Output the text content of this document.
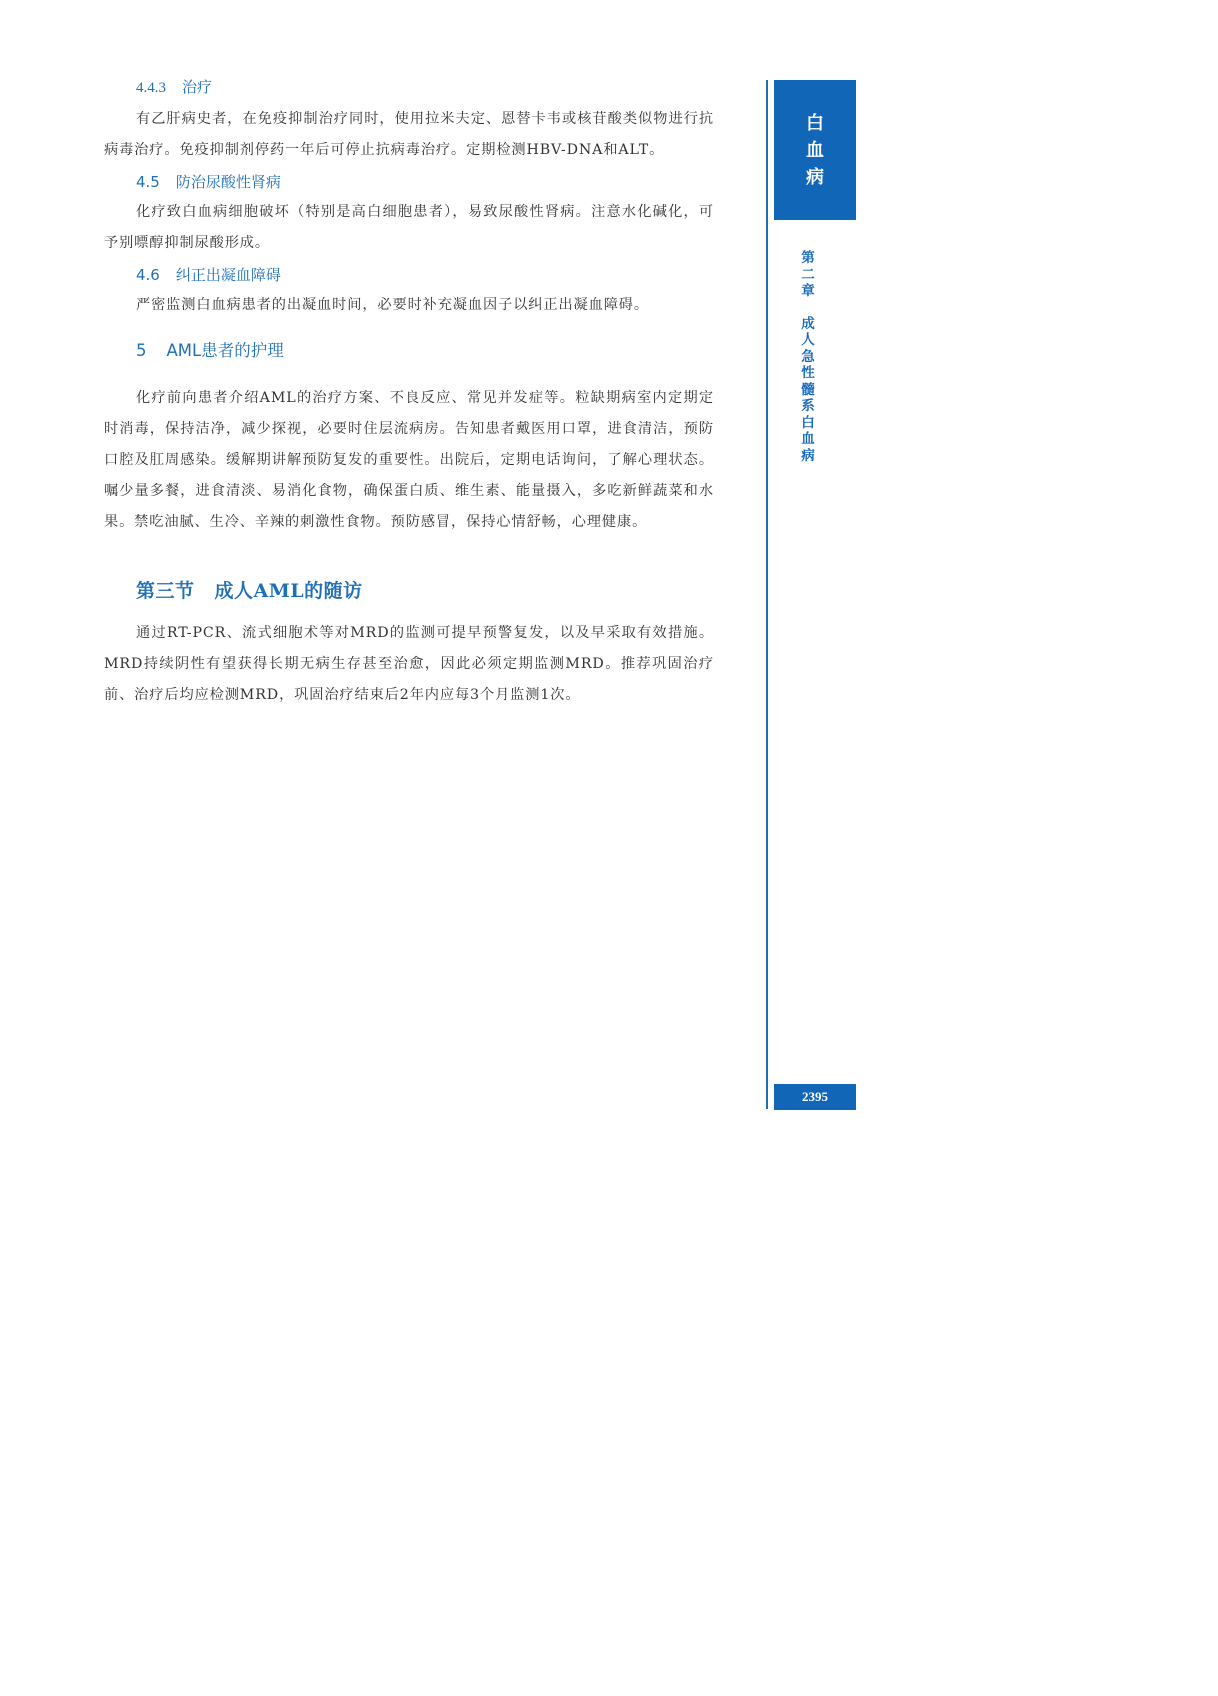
4.4.3 治疗

有乙肝病史者，在免疫抑制治疗同时，使用拉米夫定、恩替卡韦或核苷酸类似物进行抗病毒治疗。免疫抑制剂停药一年后可停止抗病毒治疗。定期检测HBV-DNA和ALT。

4.5 防治尿酸性肾病

化疗致白血病细胞破坏（特别是高白细胞患者），易致尿酸性肾病。注意水化碱化，可予别嘌醇抑制尿酸形成。

4.6 纠正出凝血障碍

严密监测白血病患者的出凝血时间，必要时补充凝血因子以纠正出凝血障碍。

5 AML患者的护理

化疗前向患者介绍AML的治疗方案、不良反应、常见并发症等。粒缺期病室内定期定时消毒，保持洁净，减少探视，必要时住层流病房。告知患者戴医用口罩，进食清洁，预防口腔及肛周感染。缓解期讲解预防复发的重要性。出院后，定期电话询问，了解心理状态。嘱少量多餐，进食清淡、易消化食物，确保蛋白质、维生素、能量摄入，多吃新鲜蔬菜和水果。禁吃油腻、生冷、辛辣的刺激性食物。预防感冒，保持心情舒畅，心理健康。

第三节 成人AML的随访

通过RT-PCR、流式细胞术等对MRD的监测可提早预警复发，以及早采取有效措施。MRD持续阴性有望获得长期无病生存甚至治愈，因此必须定期监测MRD。推荐巩固治疗前、治疗后均应检测MRD，巩固治疗结束后2年内应每3个月监测1次。

白
血
病
第
二
章
成
人
急
性
髓
系
白
血
病
2395
